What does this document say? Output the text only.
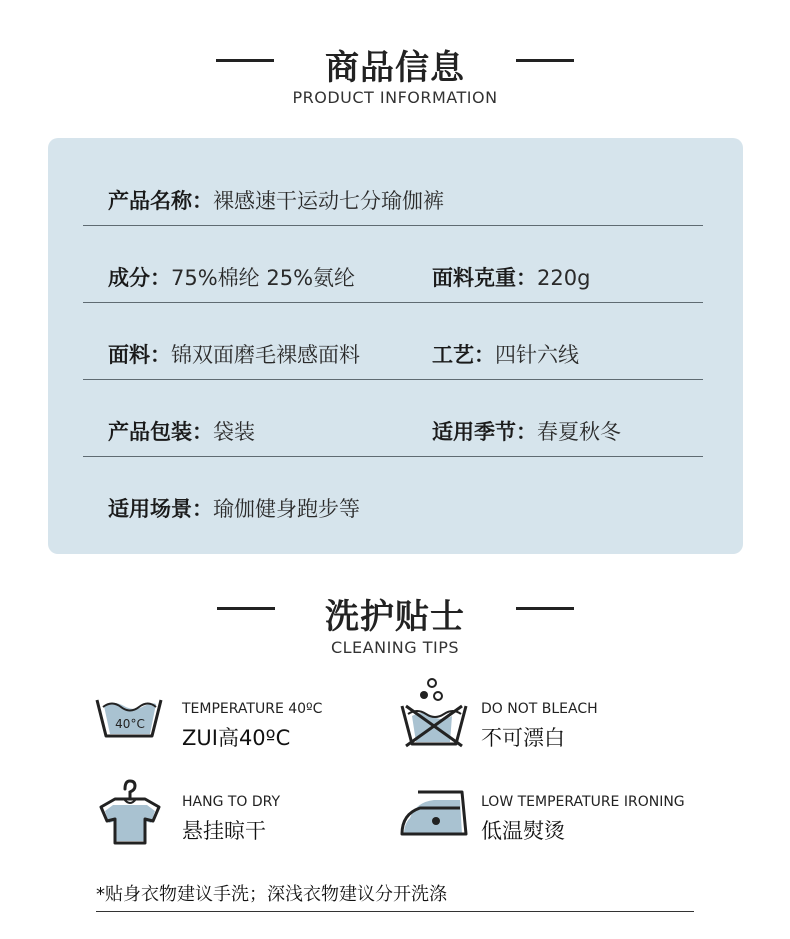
商品信息
PRODUCT INFORMATION
产品名称：裸感速干运动七分瑜伽裤
成分：75%棉纶 25%氨纶	面料克重：220g
面料：锦双面磨毛裸感面料	工艺：四针六线
产品包装：袋装	适用季节：春夏秋冬
适用场景：瑜伽健身跑步等
洗护贴士
CLEANING TIPS
40°C
TEMPERATURE 40ºC
ZUI高40ºC
DO NOT BLEACH
不可漂白
HANG TO DRY
悬挂晾干
LOW TEMPERATURE IRONING
低温熨烫
*贴身衣物建议手洗；深浅衣物建议分开洗涤
